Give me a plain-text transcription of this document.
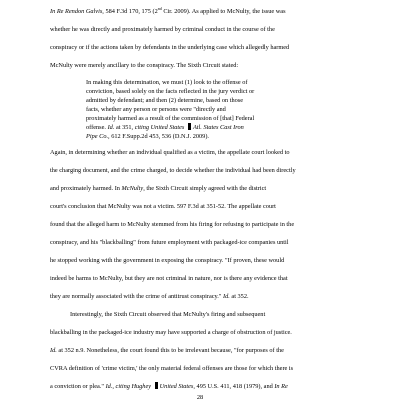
In Re Rendon Galvis, 584 F.3d 170, 175 (2nd Cir. 2009). As applied to McNulty, the issue was
whether he was directly and proximately harmed by criminal conduct in the course of the
conspiracy or if the actions taken by defendants in the underlying case which allegedly harmed
McNulty were merely ancillary to the conspiracy. The Sixth Circuit stated:
In making this determination, we must (1) look to the offense of
conviction, based solely on the facts reflected in the jury verdict or
admitted by defendant; and then (2) determine, based on those
facts, whether any person or persons were "directly and
proximately harmed as a result of the commission of [that] Federal
offense. Id. at 351, citing United States Atl. States Cast Iron
Pipe Co., 612 F.Supp.2d 453, 536 (D.N.J. 2009).
Again, in determining whether an individual qualified as a victim, the appellate court looked to
the charging document, and the crime charged, to decide whether the individual had been directly
and proximately harmed. In McNulty, the Sixth Circuit simply agreed with the district
court's conclusion that McNulty was not a victim. 597 F.3d at 351-52. The appellate court
found that the alleged harm to McNulty stemmed from his firing for refusing to participate in the
conspiracy, and his "blackballing" from future employment with packaged-ice companies until
he stopped working with the government in exposing the conspiracy. "If proven, these would
indeed be harms to McNulty, but they are not criminal in nature, nor is there any evidence that
they are normally associated with the crime of antitrust conspiracy." Id. at 352.
Interestingly, the Sixth Circuit observed that McNulty's firing and subsequent
blackballing in the packaged-ice industry may have supported a charge of obstruction of justice.
Id. at 352 n.9. Nonetheless, the court found this to be irrelevant because, "for purposes of the
CVRA definition of 'crime victim,' the only material federal offenses are those for which there is
a conviction or plea." Id., citing Hughey United States, 495 U.S. 411, 418 (1979), and In Re
28
